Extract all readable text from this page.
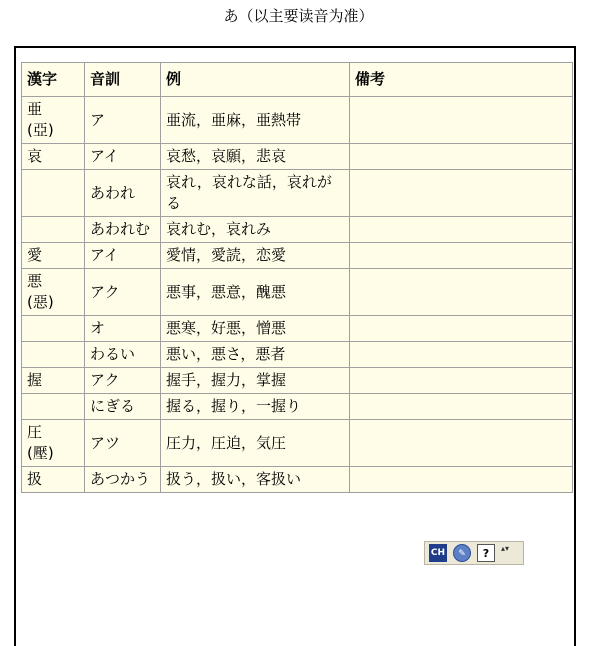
あ（以主要读音为准）
漢字	音訓	例	備考
亜
(亞)	ア	亜流，亜麻，亜熱帯	
哀	アイ	哀愁，哀願，悲哀	
	あわれ	哀れ，哀れな話，哀れがる	
	あわれむ	哀れむ，哀れみ	
愛	アイ	愛情，愛読，恋愛	
悪
(惡)	アク	悪事，悪意，醜悪	
	オ	悪寒，好悪，憎悪	
	わるい	悪い，悪さ，悪者	
握	アク	握手，握力，掌握	
	にぎる	握る，握り，一握り	
圧
(壓)	アツ	圧力，圧迫，気圧	
扱	あつかう	扱う，扱い，客扱い	
CH	✎	?	▴▾
